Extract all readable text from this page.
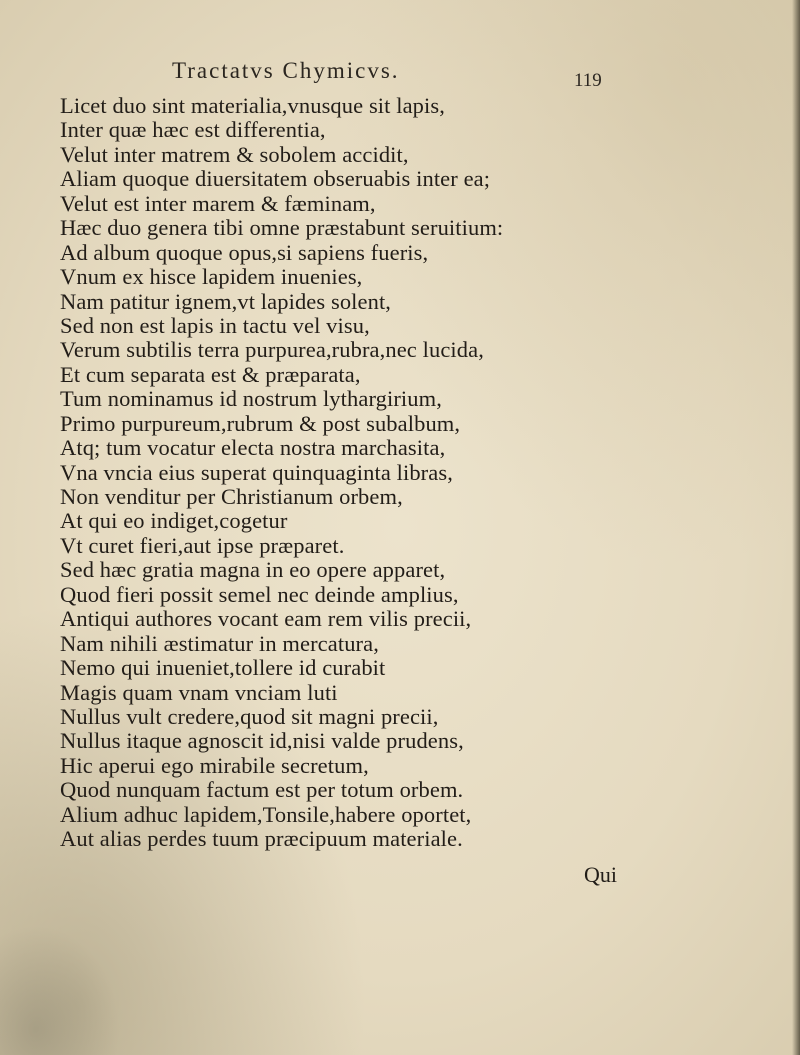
Tractatvs Chymicvs.	119
Licet duo sint materialia,vnusque sit lapis,
Inter quæ hæc est differentia,
Velut inter matrem & sobolem accidit,
Aliam quoque diuersitatem obseruabis inter ea;
Velut est inter marem & fæminam,
Hæc duo genera tibi omne præstabunt seruitium:
Ad album quoque opus,si sapiens fueris,
Vnum ex hisce lapidem inuenies,
Nam patitur ignem,vt lapides solent,
Sed non est lapis in tactu vel visu,
Verum subtilis terra purpurea,rubra,nec lucida,
Et cum separata est & præparata,
Tum nominamus id nostrum lythargirium,
Primo purpureum,rubrum & post subalbum,
Atq; tum vocatur electa nostra marchasita,
Vna vncia eius superat quinquaginta libras,
Non venditur per Christianum orbem,
At qui eo indiget,cogetur
Vt curet fieri,aut ipse præparet.
Sed hæc gratia magna in eo opere apparet,
Quod fieri possit semel nec deinde amplius,
Antiqui authores vocant eam rem vilis precii,
Nam nihili æstimatur in mercatura,
Nemo qui inueniet,tollere id curabit
Magis quam vnam vnciam luti
Nullus vult credere,quod sit magni precii,
Nullus itaque agnoscit id,nisi valde prudens,
Hic aperui ego mirabile secretum,
Quod nunquam factum est per totum orbem.
Alium adhuc lapidem,Tonsile,habere oportet,
Aut alias perdes tuum præcipuum materiale.
Qui
